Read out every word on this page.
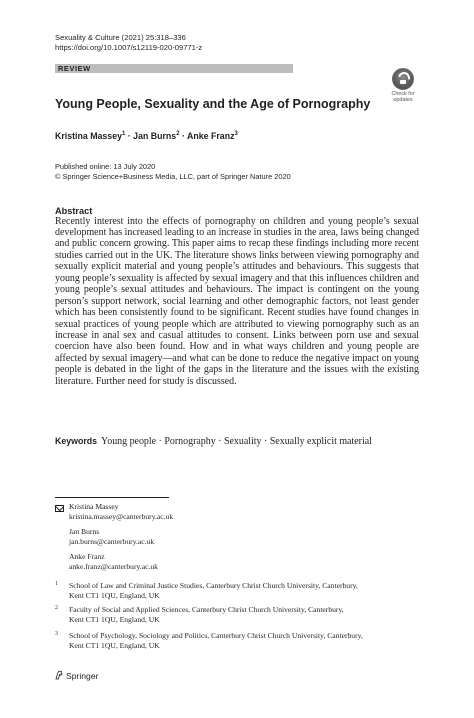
Sexuality & Culture (2021) 25:318–336
https://doi.org/10.1007/s12119-020-09771-z
REVIEW
Check for
updates
Young People, Sexuality and the Age of Pornography
Kristina Massey$^1$ · Jan Burns$^2$ · Anke Franz$^3$
Published online: 13 July 2020
© Springer Science+Business Media, LLC, part of Springer Nature 2020
Abstract
Recently interest into the effects of pornography on children and young people’s sexual development has increased leading to an increase in studies in the area, laws being changed and public concern growing. This paper aims to recap these findings including more recent studies carried out in the UK. The literature shows links between viewing pornography and sexually explicit material and young people’s attitudes and behaviours. This suggests that young people’s sexuality is affected by sexual imagery and that this influences children and young people’s sexual attitudes and behaviours. The impact is contingent on the young person’s support network, social learning and other demographic factors, not least gender which has been consistently found to be significant. Recent studies have found changes in sexual practices of young people which are attributed to viewing pornography such as an increase in anal sex and casual attitudes to consent. Links between porn use and sexual coercion have also been found. How and in what ways children and young people are affected by sexual imagery—and what can be done to reduce the negative impact on young people is debated in the light of the gaps in the literature and the issues with the existing literature. Further need for study is discussed.
Keywords Young people · Pornography · Sexuality · Sexually explicit material
Kristina Massey
kristina.massey@canterbury.ac.uk
Jan Burns
jan.burns@canterbury.ac.uk
Anke Franz
anke.franz@canterbury.ac.uk
1 School of Law and Criminal Justice Studies, Canterbury Christ Church University, Canterbury,
Kent CT1 1QU, England, UK
2 Faculty of Social and Applied Sciences, Canterbury Christ Church University, Canterbury,
Kent CT1 1QU, England, UK
3 School of Psychology, Sociology and Politics, Canterbury Christ Church University, Canterbury,
Kent CT1 1QU, England, UK
Springer
